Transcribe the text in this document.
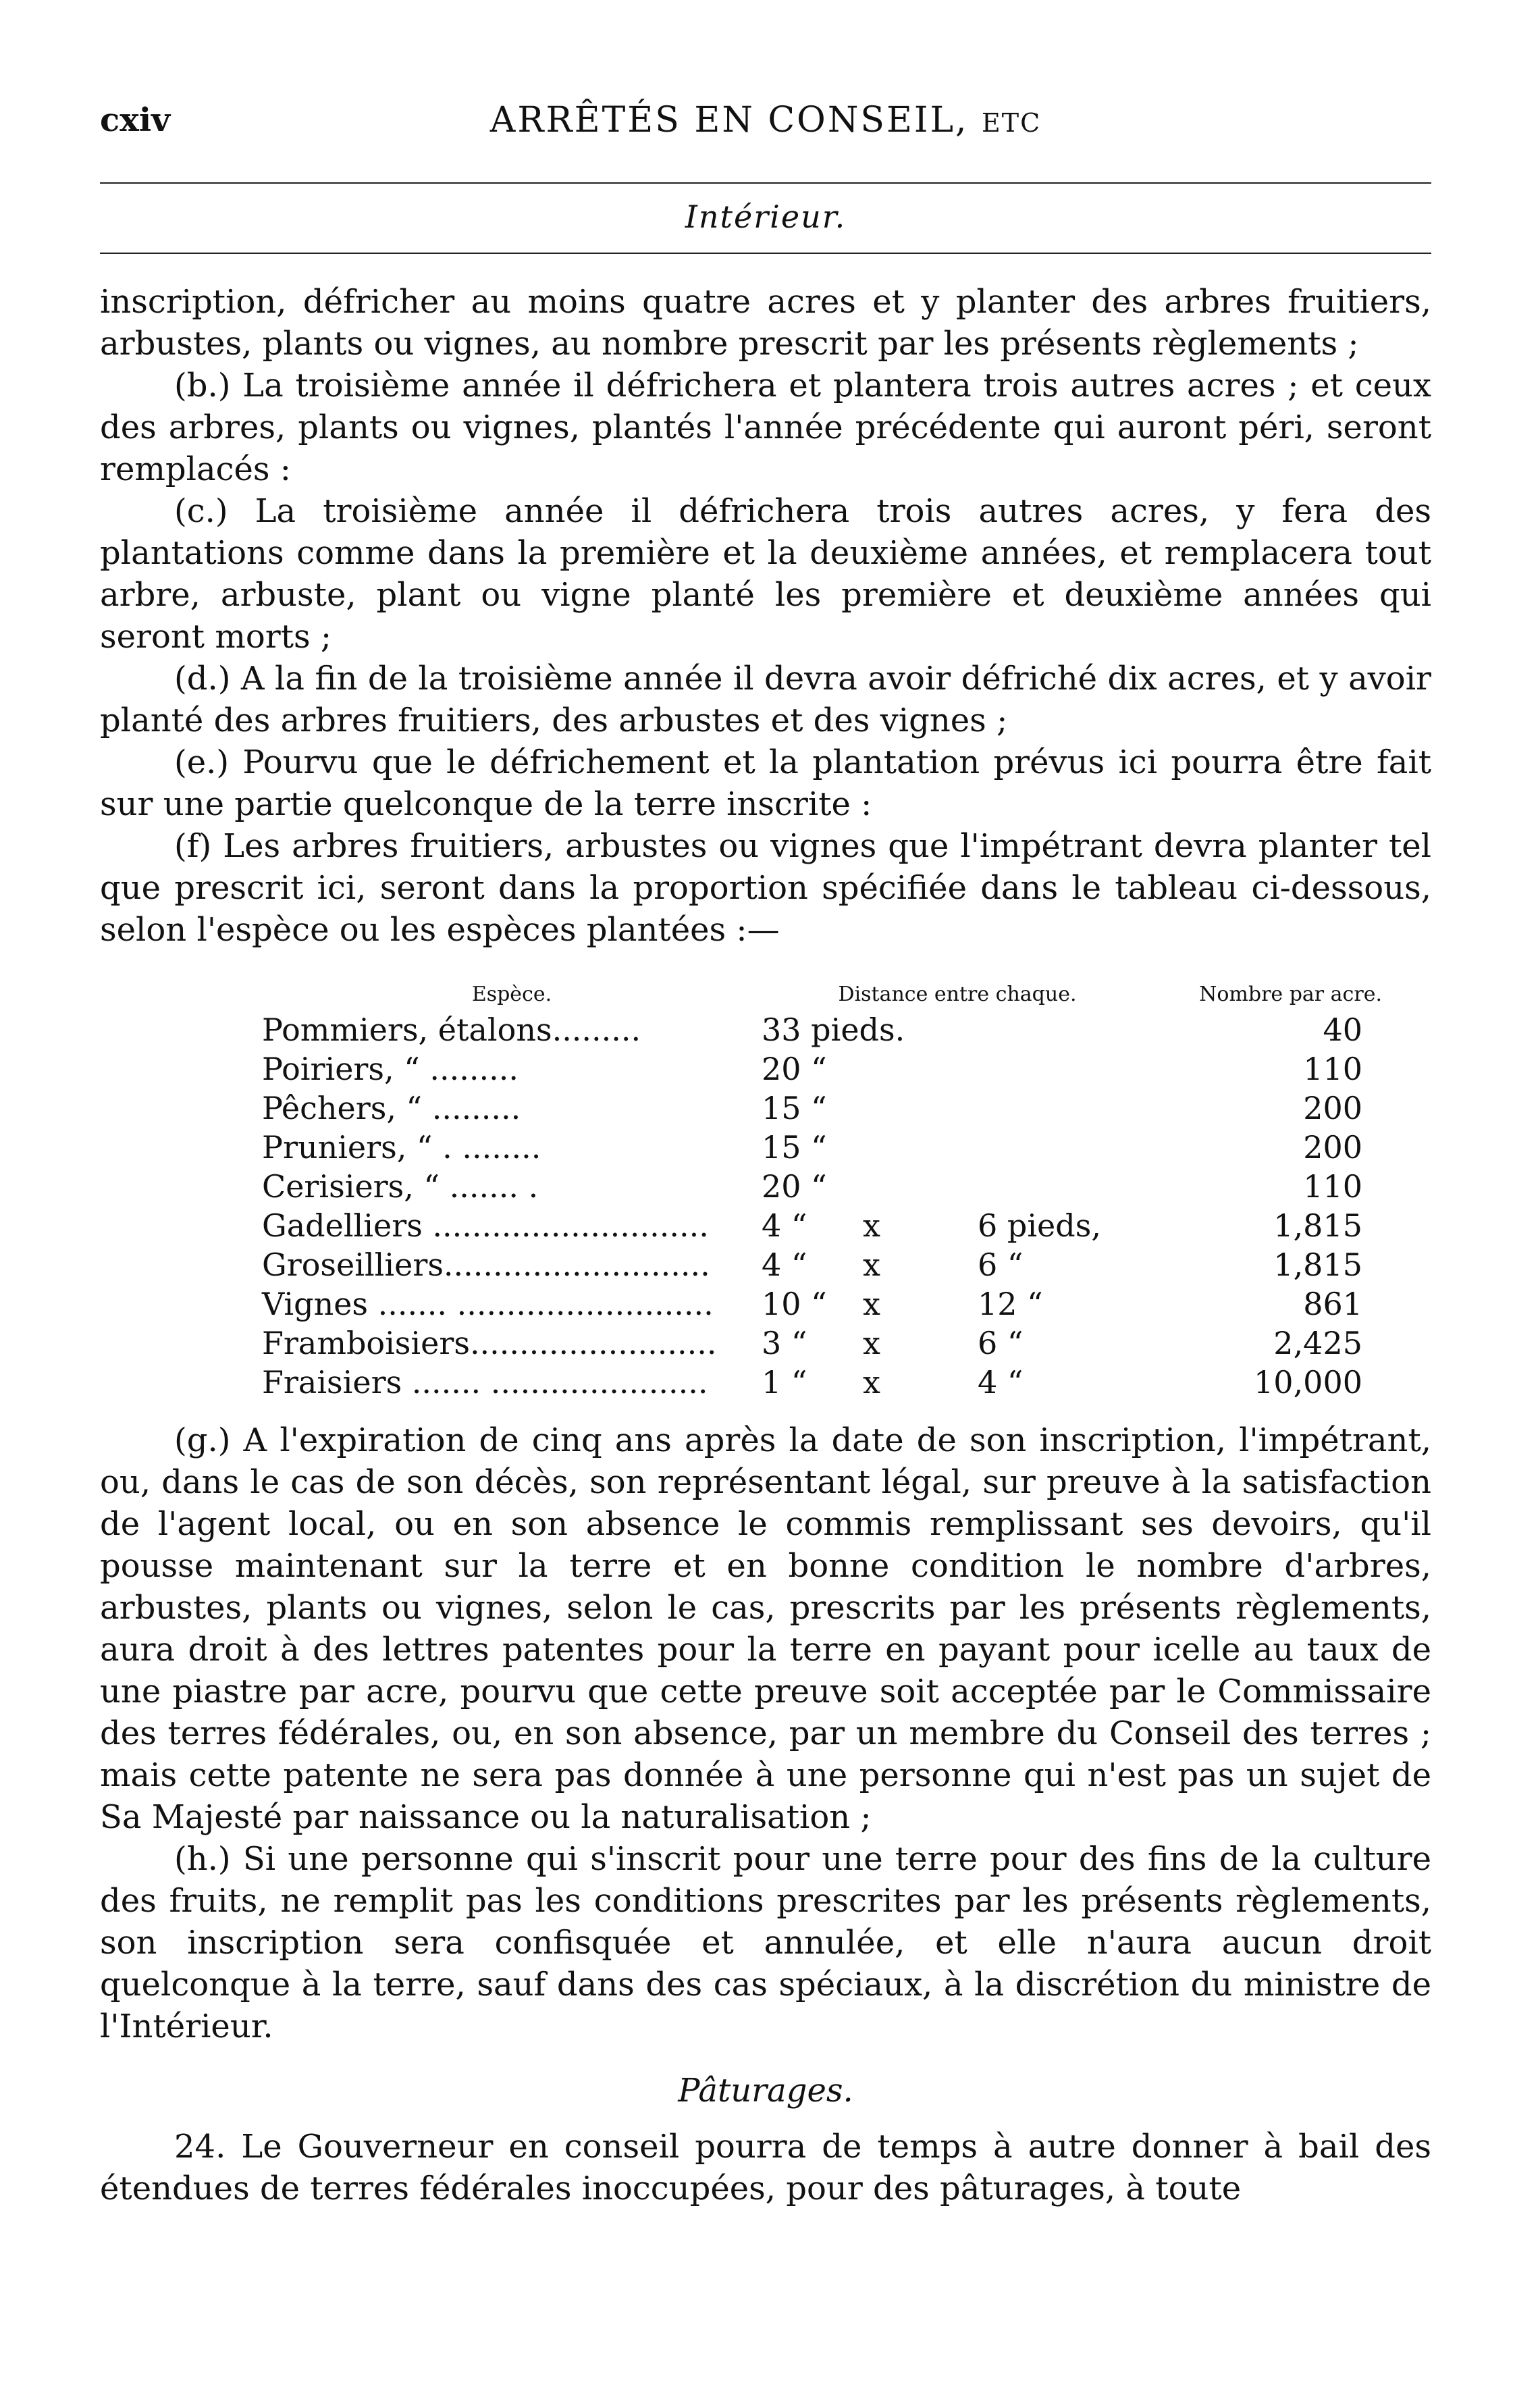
cxiv	ARRÊTÉS EN CONSEIL, ETC
Intérieur.

inscription, défricher au moins quatre acres et y planter des arbres fruitiers, arbustes, plants ou vignes, au nombre prescrit par les présents règlements ;

(b.) La troisième année il défrichera et plantera trois autres acres ; et ceux des arbres, plants ou vignes, plantés l'année précédente qui auront péri, seront remplacés :

(c.) La troisième année il défrichera trois autres acres, y fera des plantations comme dans la première et la deuxième années, et remplacera tout arbre, arbuste, plant ou vigne planté les première et deuxième années qui seront morts ;

(d.) A la fin de la troisième année il devra avoir défriché dix acres, et y avoir planté des arbres fruitiers, des arbustes et des vignes ;

(e.) Pourvu que le défrichement et la plantation prévus ici pourra être fait sur une partie quelconque de la terre inscrite :

(f) Les arbres fruitiers, arbustes ou vignes que l'impétrant devra planter tel que prescrit ici, seront dans la proportion spécifiée dans le tableau ci-dessous, selon l'espèce ou les espèces plantées :—

Espèce.	Distance entre chaque.			Nombre par acre.
Pommiers, étalons.........	33 pieds.			40
Poiriers, “ .........	20 “			110
Pêchers, “ .........	15 “			200
Pruniers, “ . ........	15 “			200
Cerisiers, “ ....... .	20 “			110
Gadelliers ............................	4 “	x	6 pieds,	1,815
Groseilliers...........................	4 “	x	6 “	1,815
Vignes ....... ..........................	10 “	x	12 “	861
Framboisiers.........................	3 “	x	6 “	2,425
Fraisiers ....... ......................	1 “	x	4 “	10,000

(g.) A l'expiration de cinq ans après la date de son inscription, l'impétrant, ou, dans le cas de son décès, son représentant légal, sur preuve à la satisfaction de l'agent local, ou en son absence le commis remplissant ses devoirs, qu'il pousse maintenant sur la terre et en bonne condition le nombre d'arbres, arbustes, plants ou vignes, selon le cas, prescrits par les présents règlements, aura droit à des lettres patentes pour la terre en payant pour icelle au taux de une piastre par acre, pourvu que cette preuve soit acceptée par le Commissaire des terres fédérales, ou, en son absence, par un membre du Conseil des terres ; mais cette patente ne sera pas donnée à une personne qui n'est pas un sujet de Sa Majesté par naissance ou la naturalisation ;

(h.) Si une personne qui s'inscrit pour une terre pour des fins de la culture des fruits, ne remplit pas les conditions prescrites par les présents règlements, son inscription sera confisquée et annulée, et elle n'aura aucun droit quelconque à la terre, sauf dans des cas spéciaux, à la discrétion du ministre de l'Intérieur.

Pâturages.

24. Le Gouverneur en conseil pourra de temps à autre donner à bail des étendues de terres fédérales inoccupées, pour des pâturages, à toute
